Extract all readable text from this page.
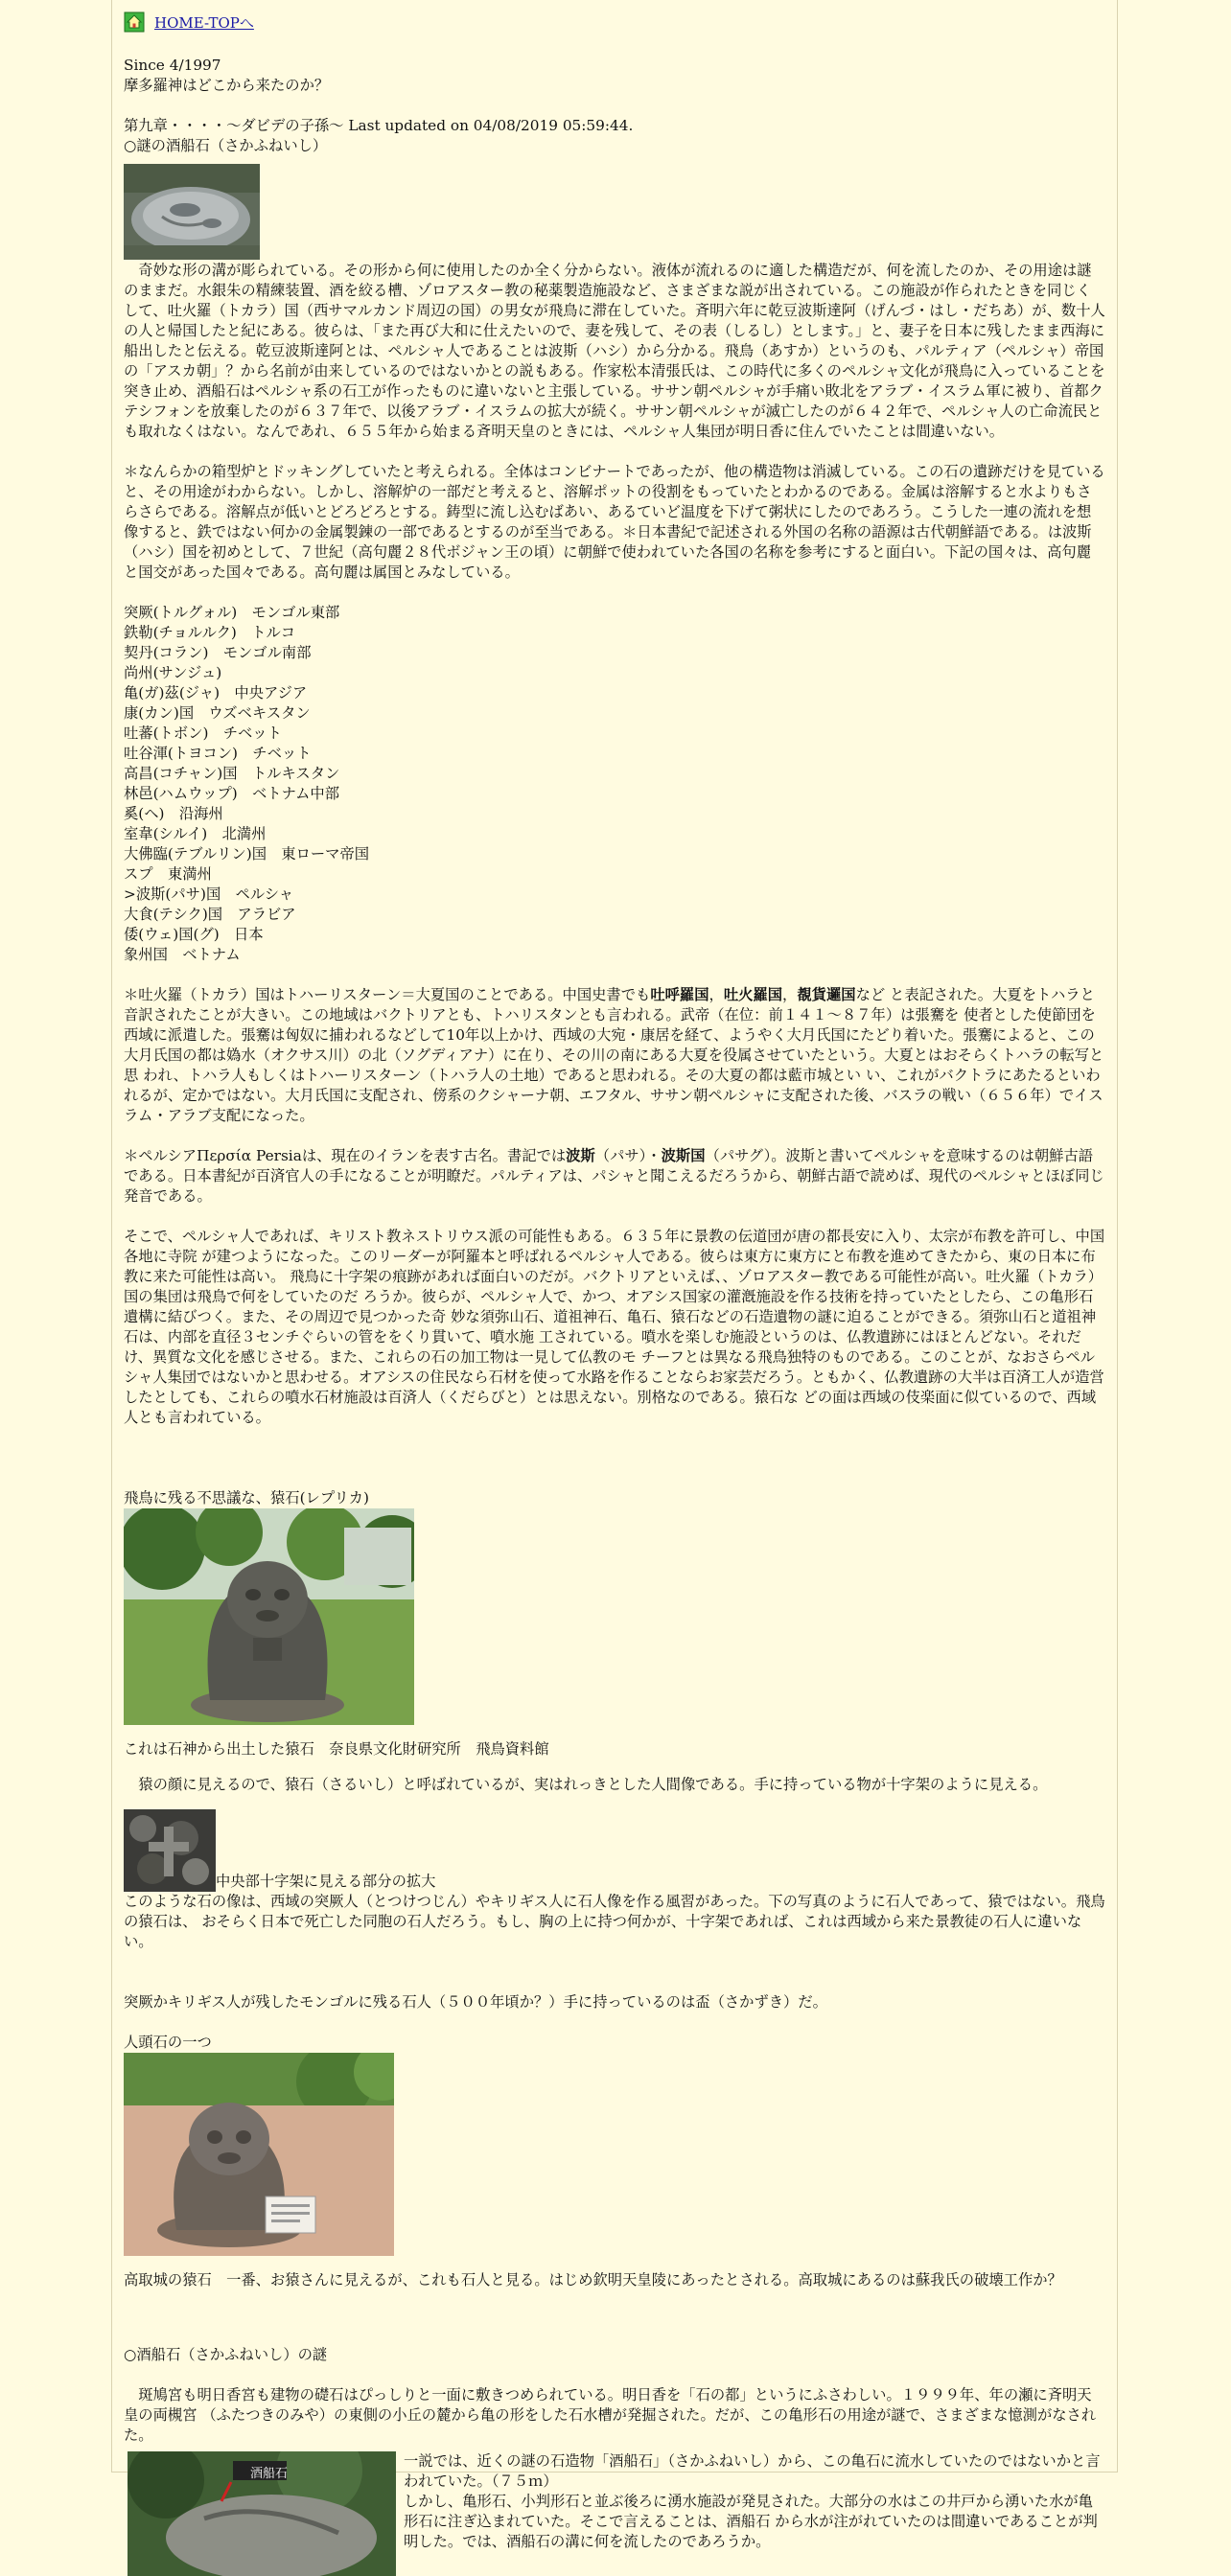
HOME-TOPへ

Since 4/1997

摩多羅神はどこから来たのか？

第九章・・・・～ダビデの子孫～ Last updated on 04/08/2019 05:59:44.

○謎の酒船石（さかふねいし）

　奇妙な形の溝が彫られている。その形から何に使用したのか全く分からない。液体が流れるのに適した構造だが、何を流したのか、その用途は謎のままだ。水銀朱の精練装置、酒を絞る槽、ゾロアスター教の秘薬製造施設など、さまざまな説が出されている。この施設が作られたときを同じくして、吐火羅（トカラ）国（西サマルカンド周辺の国）の男女が飛鳥に滞在していた。斉明六年に乾豆波斯達阿（げんづ・はし・だちあ）が、数十人の人と帰国したと紀にある。彼らは、「また再び大和に仕えたいので、妻を残して、その表（しるし）とします。」と、妻子を日本に残したまま西海に船出したと伝える。乾豆波斯達阿とは、ペルシャ人であることは波斯（ハシ）から分かる。飛鳥（あすか）というのも、パルティア（ペルシャ）帝国の「アスカ朝」？から名前が由来しているのではないかとの説もある。作家松本清張氏は、この時代に多くのペルシャ文化が飛鳥に入っていることを突き止め、酒船石はペルシャ系の石工が作ったものに違いないと主張している。ササン朝ペルシャが手痛い敗北をアラブ・イスラム軍に被り、首都クテシフォンを放棄したのが６３７年で、以後アラブ・イスラムの拡大が続く。ササン朝ペルシャが滅亡したのが６４２年で、ペルシャ人の亡命流民とも取れなくはない。なんであれ、６５５年から始まる斉明天皇のときには、ペルシャ人集団が明日香に住んでいたことは間違いない。

＊なんらかの箱型炉とドッキングしていたと考えられる。全体はコンビナートであったが、他の構造物は消滅している。この石の遺跡だけを見ていると、その用途がわからない。しかし、溶解炉の一部だと考えると、溶解ポットの役割をもっていたとわかるのである。金属は溶解すると水よりもさらさらである。溶解点が低いとどろどろとする。鋳型に流し込むばあい、あるていど温度を下げて粥状にしたのであろう。こうした一連の流れを想像すると、鉄ではない何かの金属製錬の一部であるとするのが至当である。＊日本書紀で記述される外国の名称の語源は古代朝鮮語である。は波斯（ハシ）国を初めとして、７世紀（高句麗２８代ボジャン王の頃）に朝鮮で使われていた各国の名称を参考にすると面白い。下記の国々は、高句麗と国交があった国々である。高句麗は属国とみなしている。

突厥(トルグォル)　モンゴル東部

鉄勒(チョルルク)　トルコ

契丹(コラン)　モンゴル南部

尚州(サンジュ)

亀(ガ)茲(ジャ)　中央アジア

康(カン)国　ウズベキスタン

吐蕃(トボン)　チベット

吐谷渾(トヨコン)　チベット

高昌(コチャン)国　トルキスタン

林邑(ハムウップ)　ベトナム中部

奚(ヘ)　沿海州

室韋(シルイ)　北満州

大佛臨(テブルリン)国　東ローマ帝国

スプ　東満州

>波斯(パサ)国　ペルシャ

大食(テシク)国　アラビア

倭(ウェ)国(グ)　日本

象州国　ベトナム

＊吐火羅（トカラ）国はトハーリスターン＝大夏国のことである。中国史書でも吐呼羅国，吐火羅国，覩貨邏国など と表記された。大夏をトハラと音訳されたことが大きい。この地域はバクトリアとも、トハリスタンとも言われる。武帝（在位：前１４１～８７年）は張騫を 使者とした使節団を西域に派遣した。張騫は匈奴に捕われるなどして10年以上かけ、西域の大宛・康居を経て、ようやく大月氏国にたどり着いた。張騫によると、この大月氏国の都は媯水（オクサス川）の北（ソグディアナ）に在り、その川の南にある大夏を役属させていたという。大夏とはおそらくトハラの転写と思 われ、トハラ人もしくはトハーリスターン（トハラ人の土地）であると思われる。その大夏の都は藍市城とい い、これがバクトラにあたるといわれるが、定かではない。大月氏国に支配され、傍系のクシャーナ朝、エフタル、ササン朝ペルシャに支配された後、バスラの戦い（６５６年）でイスラム・アラブ支配になった。

＊ペルシアΠερσία Persiaは、現在のイランを表す古名。書記では波斯（パサ）・波斯国（パサグ）。波斯と書いてペルシャを意味するのは朝鮮古語である。日本書紀が百済官人の手になることが明瞭だ。パルティアは、パシャと聞こえるだろうから、朝鮮古語で読めば、現代のペルシャとほぼ同じ発音である。

そこで、ペルシャ人であれば、キリスト教ネストリウス派の可能性もある。６３５年に景教の伝道団が唐の都長安に入り、太宗が布教を許可し、中国各地に寺院 が建つようになった。このリーダーが阿羅本と呼ばれるペルシャ人である。彼らは東方に東方にと布教を進めてきたから、東の日本に布教に来た可能性は高い。 飛鳥に十字架の痕跡があれば面白いのだが。バクトリアといえば、、ゾロアスター教である可能性が高い。吐火羅（トカラ）国の集団は飛鳥で何をしていたのだ ろうか。彼らが、ペルシャ人で、かつ、オアシス国家の灌漑施設を作る技術を持っていたとしたら、この亀形石遺構に結びつく。また、その周辺で見つかった奇 妙な須弥山石、道祖神石、亀石、猿石などの石造遺物の謎に迫ることができる。須弥山石と道祖神石は、内部を直径３センチぐらいの管ををくり貫いて、噴水施 工されている。噴水を楽しむ施設というのは、仏教遺跡にはほとんどない。それだけ、異質な文化を感じさせる。また、これらの石の加工物は一見して仏教のモ チーフとは異なる飛鳥独特のものである。このことが、なおさらペルシャ人集団ではないかと思わせる。オアシスの住民なら石材を使って水路を作ることならお家芸だろう。ともかく、仏教遺跡の大半は百済工人が造営したとしても、これらの噴水石材施設は百済人（くだらびと）とは思えない。別格なのである。猿石な どの面は西域の伎楽面に似ているので、西域人とも言われている。

飛鳥に残る不思議な、猿石(レプリカ)

これは石神から出土した猿石　奈良県文化財研究所　飛鳥資料館

　猿の顔に見えるので、猿石（さるいし）と呼ばれているが、実はれっきとした人間像である。手に持っている物が十字架のように見える。

中央部十字架に見える部分の拡大

このような石の像は、西域の突厥人（とつけつじん）やキリギス人に石人像を作る風習があった。下の写真のように石人であって、猿ではない。飛鳥の猿石は、 おそらく日本で死亡した同胞の石人だろう。もし、胸の上に持つ何かが、十字架であれば、これは西域から来た景教徒の石人に違いない。

突厥かキリギス人が残したモンゴルに残る石人（５００年頃か？）手に持っているのは盃（さかずき）だ。

人頭石の一つ

高取城の猿石　一番、お猿さんに見えるが、これも石人と見る。はじめ欽明天皇陵にあったとされる。高取城にあるのは蘇我氏の破壊工作か？

○酒船石（さかふねいし）の謎

　斑鳩宮も明日香宮も建物の礎石はぴっしりと一面に敷きつめられている。明日香を「石の都」というにふさわしい。１９９９年、年の瀬に斉明天皇の両槻宮 （ふたつきのみや）の東側の小丘の麓から亀の形をした石水槽が発掘された。だが、この亀形石の用途が謎で、さまざまな憶測がなされた。

酒船石

一説では、近くの謎の石造物「酒船石」（さかふねいし）から、この亀石に流水していたのではないかと言われていた。（７５ｍ）

しかし、亀形石、小判形石と並ぶ後ろに湧水施設が発見された。大部分の水はこの井戸から湧いた水が亀形石に注ぎ込まれていた。そこで言えることは、酒船石 から水が注がれていたのは間違いであることが判明した。では、酒船石の溝に何を流したのであろうか。
